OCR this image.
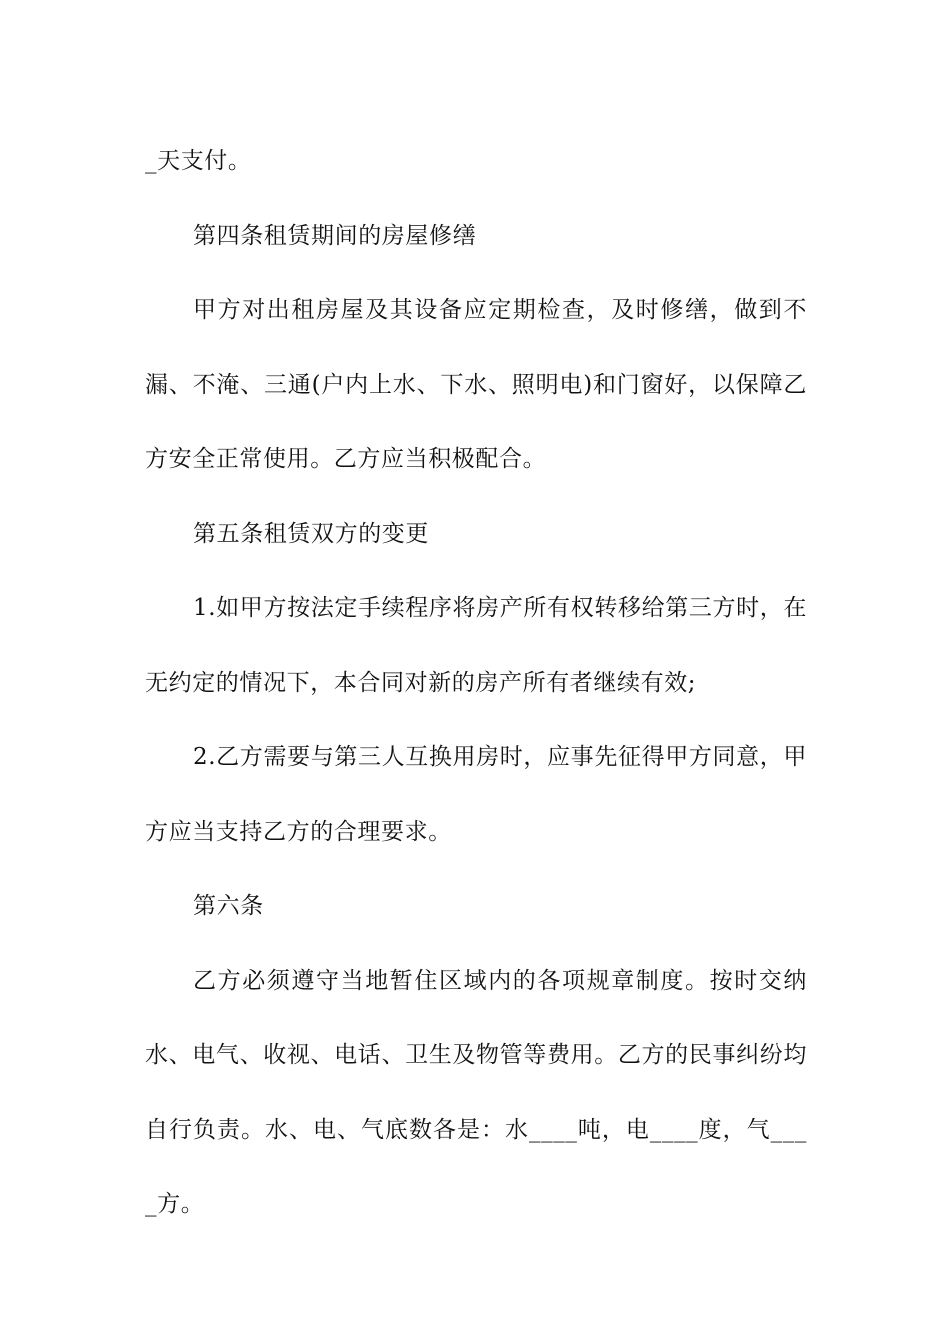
_天支付。

第四条租赁期间的房屋修缮

甲方对出租房屋及其设备应定期检查，及时修缮，做到不漏、不淹、三通(户内上水、下水、照明电)和门窗好，以保障乙方安全正常使用。乙方应当积极配合。

第五条租赁双方的变更

1.如甲方按法定手续程序将房产所有权转移给第三方时，在无约定的情况下，本合同对新的房产所有者继续有效;

2.乙方需要与第三人互换用房时，应事先征得甲方同意，甲方应当支持乙方的合理要求。

第六条

乙方必须遵守当地暂住区域内的各项规章制度。按时交纳水、电气、收视、电话、卫生及物管等费用。乙方的民事纠纷均自行负责。水、电、气底数各是：水____吨，电____度，气____方。
